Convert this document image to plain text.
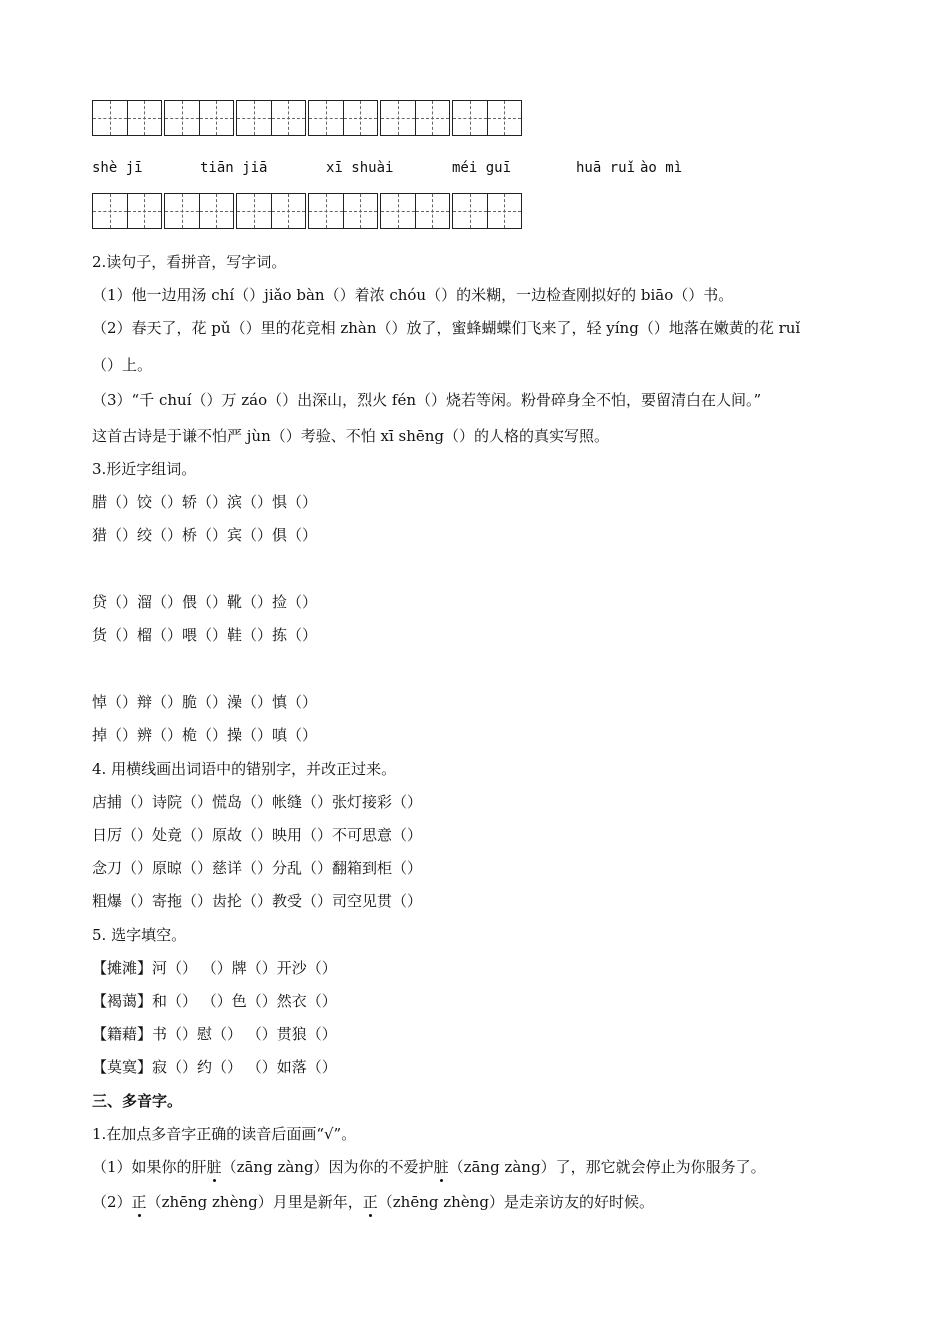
shè jī	tiān jiā	xī shuài	méi guī	huā ruǐ ào mì
2.读句子，看拼音，写字词。
（1）他一边用汤 chí（）jiǎo bàn（）着浓 chóu（）的米糊，一边检查刚拟好的 biāo（）书。
（2）春天了，花 pǔ（）里的花竞相 zhàn（）放了，蜜蜂蝴蝶们飞来了，轻 yíng（）地落在嫩黄的花 ruǐ
（）上。
（3）“千 chuí（）万 záo（）出深山，烈火 fén（）烧若等闲。粉骨碎身全不怕，要留清白在人间。”
这首古诗是于谦不怕严 jùn（）考验、不怕 xī shēng（）的人格的真实写照。
3.形近字组词。
腊（）饺（）轿（）滨（）惧（）
猎（）绞（）桥（）宾（）俱（）
贷（）溜（）偎（）靴（）捡（）
货（）榴（）喂（）鞋（）拣（）
悼（）辩（）脆（）澡（）慎（）
掉（）辨（）桅（）操（）嗔（）
4. 用横线画出词语中的错别字，并改正过来。
店捕（）诗院（）慌岛（）帐缝（）张灯接彩（）
日厉（）处竟（）原故（）映用（）不可思意（）
念刀（）原晾（）慈详（）分乱（）翻箱到柜（）
粗爆（）寄拖（）齿抡（）教受（）司空见贯（）
5. 选字填空。
【摊滩】河（） （）牌（）开沙（）
【褐蔼】和（） （）色（）然衣（）
【籍藉】书（）慰（） （）贯狼（）
【莫寞】寂（）约（） （）如落（）
三、多音字。
1.在加点多音字正确的读音后面画“√”。
（1）如果你的肝脏（zāng zàng）因为你的不爱护脏（zāng zàng）了，那它就会停止为你服务了。
（2）正（zhēng zhèng）月里是新年，正（zhēng zhèng）是走亲访友的好时候。
